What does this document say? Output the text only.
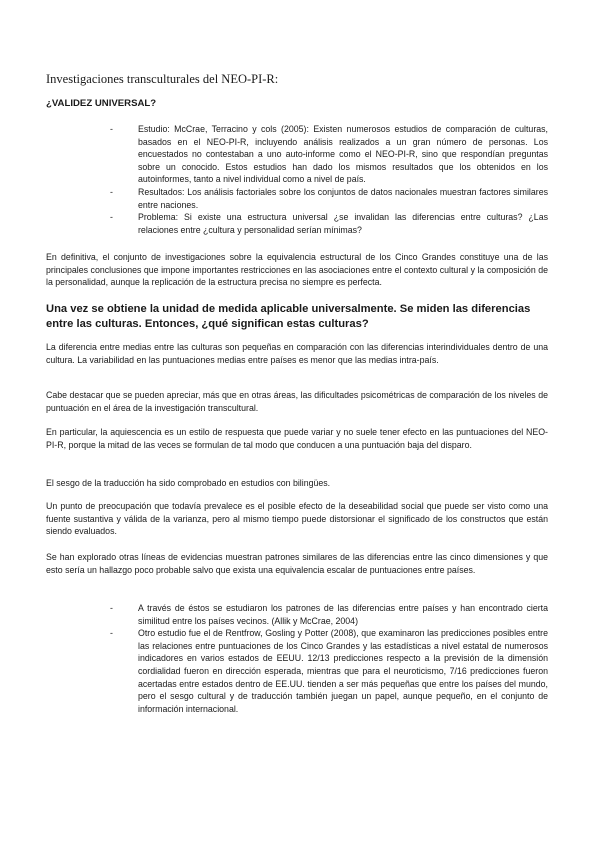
Investigaciones transculturales del NEO-PI-R:
¿VALIDEZ UNIVERSAL?
- Estudio: McCrae, Terracino y cols (2005): Existen numerosos estudios de comparación de culturas, basados en el NEO-PI-R, incluyendo análisis realizados a un gran número de personas. Los encuestados no contestaban a uno auto-informe como el NEO-PI-R, sino que respondían preguntas sobre un conocido. Estos estudios han dado los mismos resultados que los obtenidos en los autoinformes, tanto a nivel individual como a nivel de país.
- Resultados: Los análisis factoriales sobre los conjuntos de datos nacionales muestran factores similares entre naciones.
- Problema: Si existe una estructura universal ¿se invalidan las diferencias entre culturas? ¿Las relaciones entre ¿cultura y personalidad serían mínimas?

En definitiva, el conjunto de investigaciones sobre la equivalencia estructural de los Cinco Grandes constituye una de las principales conclusiones que impone importantes restricciones en las asociaciones entre el contexto cultural y la composición de la personalidad, aunque la replicación de la estructura precisa no siempre es perfecta.

Una vez se obtiene la unidad de medida aplicable universalmente. Se miden las diferencias entre las culturas. Entonces, ¿qué significan estas culturas?

La diferencia entre medias entre las culturas son pequeñas en comparación con las diferencias interindividuales dentro de una cultura. La variabilidad en las puntuaciones medias entre países es menor que las medias intra-país.

Cabe destacar que se pueden apreciar, más que en otras áreas, las dificultades psicométricas de comparación de los niveles de puntuación en el área de la investigación transcultural.

En particular, la aquiescencia es un estilo de respuesta que puede variar y no suele tener efecto en las puntuaciones del NEO-PI-R, porque la mitad de las veces se formulan de tal modo que conducen a una puntuación baja del disparo.

El sesgo de la traducción ha sido comprobado en estudios con bilingües.

Un punto de preocupación que todavía prevalece es el posible efecto de la deseabilidad social que puede ser visto como una fuente sustantiva y válida de la varianza, pero al mismo tiempo puede distorsionar el significado de los constructos que están siendo evaluados.

Se han explorado otras líneas de evidencias muestran patrones similares de las diferencias entre las cinco dimensiones y que esto sería un hallazgo poco probable salvo que exista una equivalencia escalar de puntuaciones entre países.

- A través de éstos se estudiaron los patrones de las diferencias entre países y han encontrado cierta similitud entre los países vecinos. (Allik y McCrae, 2004)
- Otro estudio fue el de Rentfrow, Gosling y Potter (2008), que examinaron las predicciones posibles entre las relaciones entre puntuaciones de los Cinco Grandes y las estadísticas a nivel estatal de numerosos indicadores en varios estados de EEUU. 12/13 predicciones respecto a la previsión de la dimensión cordialidad fueron en dirección esperada, mientras que para el neuroticismo, 7/16 predicciones fueron acertadas entre estados dentro de EE.UU. tienden a ser más pequeñas que entre los países del mundo, pero el sesgo cultural y de traducción también juegan un papel, aunque pequeño, en el conjunto de información internacional.
